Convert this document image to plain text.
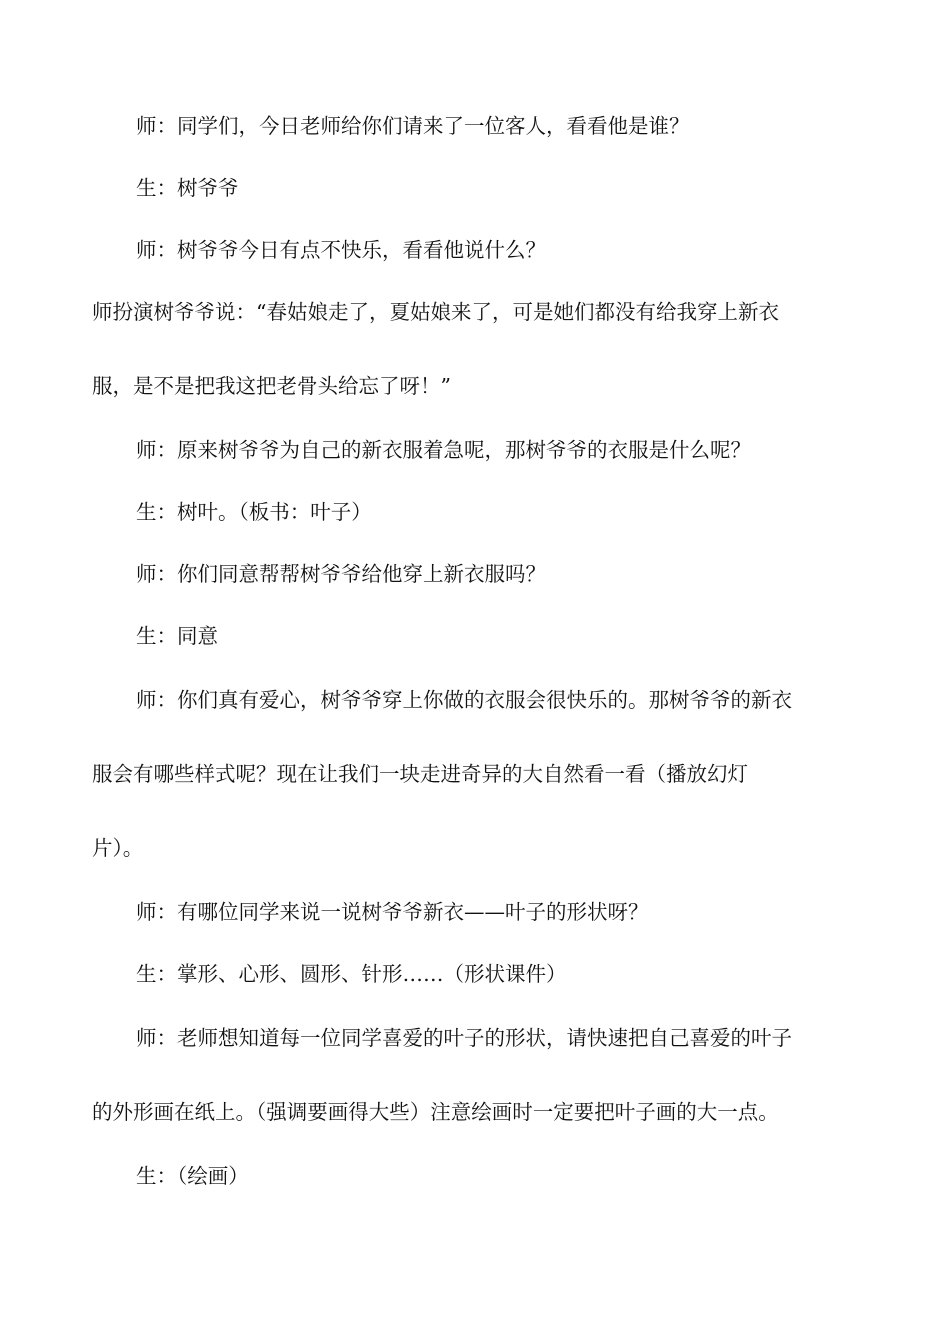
师：同学们，今日老师给你们请来了一位客人，看看他是谁？
生：树爷爷
师：树爷爷今日有点不快乐，看看他说什么？
师扮演树爷爷说：“春姑娘走了，夏姑娘来了，可是她们都没有给我穿上新衣
服，是不是把我这把老骨头给忘了呀！”
师：原来树爷爷为自己的新衣服着急呢，那树爷爷的衣服是什么呢？
生：树叶。（板书：叶子）
师：你们同意帮帮树爷爷给他穿上新衣服吗？
生：同意
师：你们真有爱心，树爷爷穿上你做的衣服会很快乐的。那树爷爷的新衣
服会有哪些样式呢？现在让我们一块走进奇异的大自然看一看（播放幻灯
片）。
师：有哪位同学来说一说树爷爷新衣——叶子的形状呀？
生：掌形、心形、圆形、针形……（形状课件）
师：老师想知道每一位同学喜爱的叶子的形状，请快速把自己喜爱的叶子
的外形画在纸上。（强调要画得大些）注意绘画时一定要把叶子画的大一点。
生：（绘画）
